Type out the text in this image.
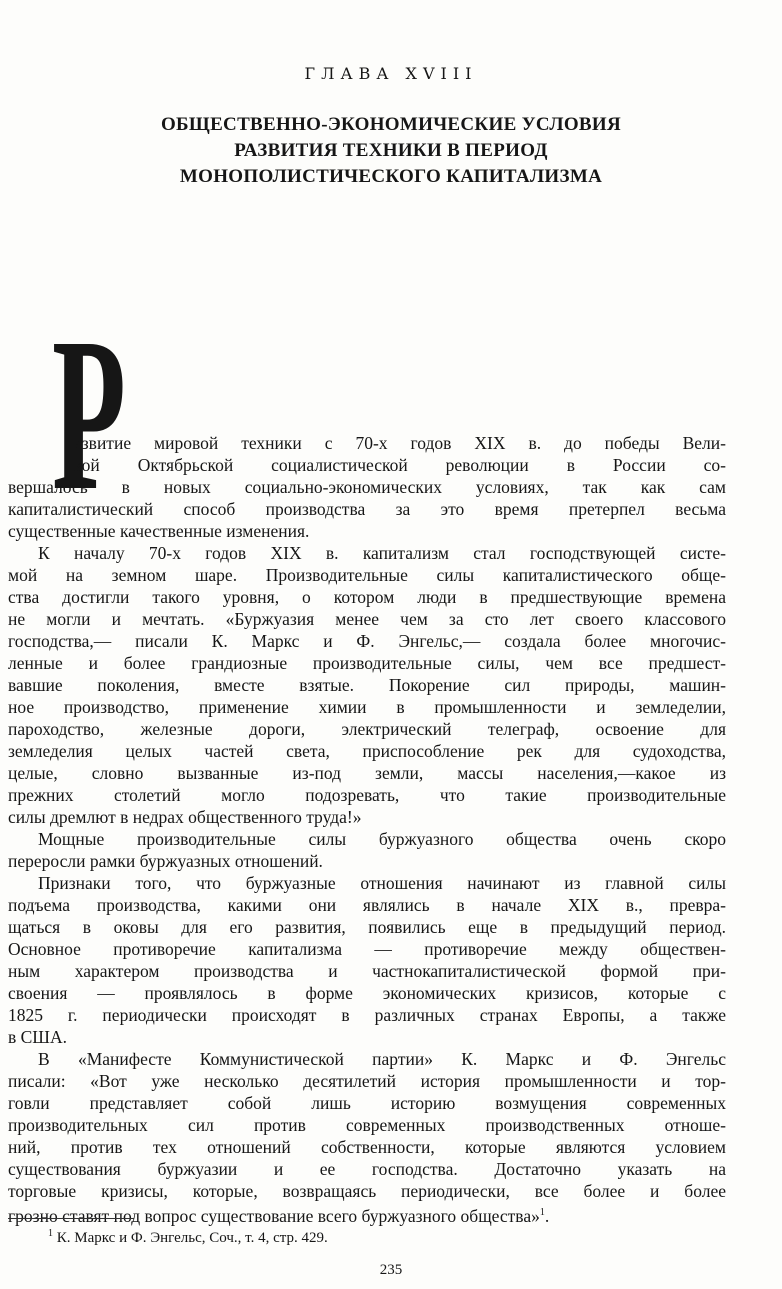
ГЛАВА XVIII
ОБЩЕСТВЕННО-ЭКОНОМИЧЕСКИЕ УСЛОВИЯ
РАЗВИТИЯ ТЕХНИКИ В ПЕРИОД
МОНОПОЛИСТИЧЕСКОГО КАПИТАЛИЗМА
Р
азвитие мировой техники с 70-х годов XIX в. до победы Вели-
кой Октябрьской социалистической революции в России со-
вершалось в новых социально-экономических условиях, так как сам
капиталистический способ производства за это время претерпел весьма
существенные качественные изменения.
К началу 70-х годов XIX в. капитализм стал господствующей систе-
мой на земном шаре. Производительные силы капиталистического обще-
ства достигли такого уровня, о котором люди в предшествующие времена
не могли и мечтать. «Буржуазия менее чем за сто лет своего классового
господства,— писали К. Маркс и Ф. Энгельс,— создала более многочис-
ленные и более грандиозные производительные силы, чем все предшест-
вавшие поколения, вместе взятые. Покорение сил природы, машин-
ное производство, применение химии в промышленности и земледелии,
пароходство, железные дороги, электрический телеграф, освоение для
земледелия целых частей света, приспособление рек для судоходства,
целые, словно вызванные из-под земли, массы населения,—какое из
прежних столетий могло подозревать, что такие производительные
силы дремлют в недрах общественного труда!»
Мощные производительные силы буржуазного общества очень скоро
переросли рамки буржуазных отношений.
Признаки того, что буржуазные отношения начинают из главной силы
подъема производства, какими они являлись в начале XIX в., превра-
щаться в оковы для его развития, появились еще в предыдущий период.
Основное противоречие капитализма — противоречие между обществен-
ным характером производства и частнокапиталистической формой при-
своения — проявлялось в форме экономических кризисов, которые с
1825 г. периодически происходят в различных странах Европы, а также
в США.
В «Манифесте Коммунистической партии» К. Маркс и Ф. Энгельс
писали: «Вот уже несколько десятилетий история промышленности и тор-
говли представляет собой лишь историю возмущения современных
производительных сил против современных производственных отноше-
ний, против тех отношений собственности, которые являются условием
существования буржуазии и ее господства. Достаточно указать на
торговые кризисы, которые, возвращаясь периодически, все более и более
грозно ставят под вопрос существование всего буржуазного общества»$^1$.
$^1$ К. Маркс и Ф. Энгельс, Соч., т. 4, стр. 429.
235
